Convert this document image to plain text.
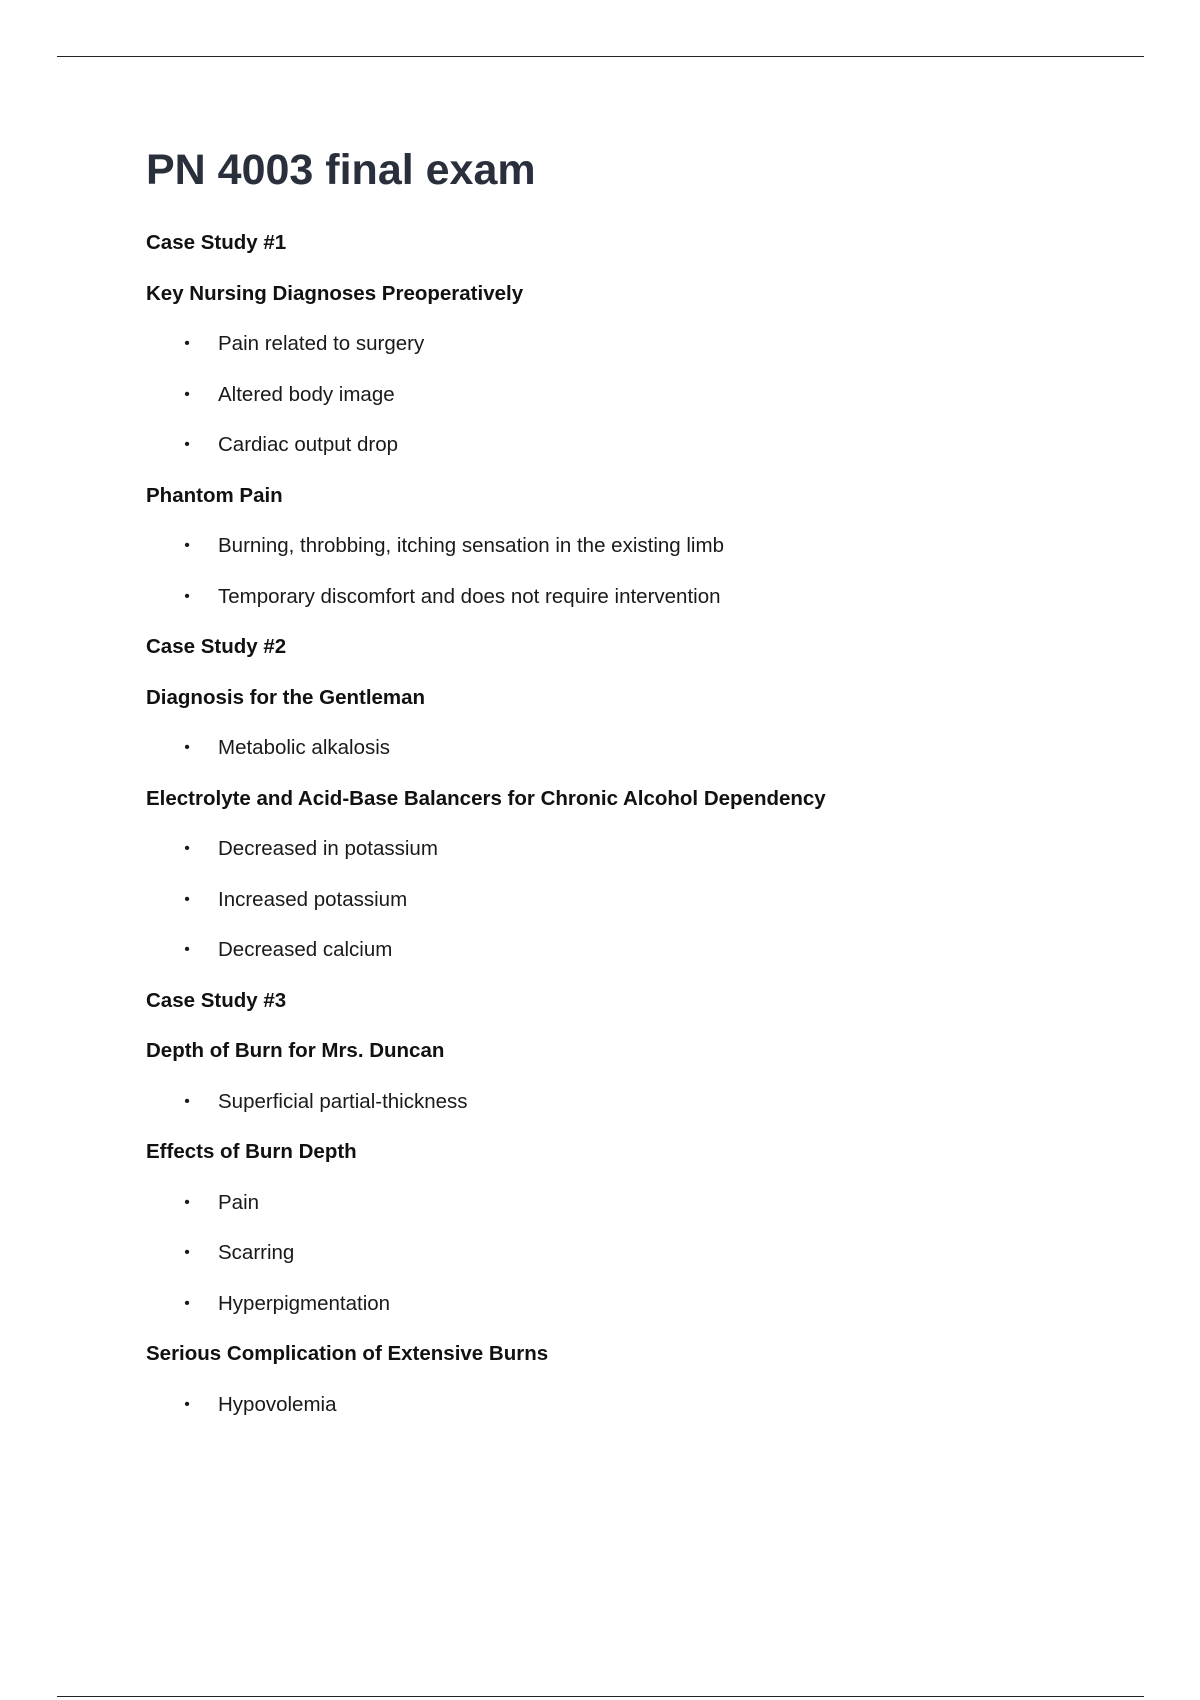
PN 4003 final exam
Case Study #1
Key Nursing Diagnoses Preoperatively
• Pain related to surgery
• Altered body image
• Cardiac output drop
Phantom Pain
• Burning, throbbing, itching sensation in the existing limb
• Temporary discomfort and does not require intervention
Case Study #2
Diagnosis for the Gentleman
• Metabolic alkalosis
Electrolyte and Acid-Base Balancers for Chronic Alcohol Dependency
• Decreased in potassium
• Increased potassium
• Decreased calcium
Case Study #3
Depth of Burn for Mrs. Duncan
• Superficial partial-thickness
Effects of Burn Depth
• Pain
• Scarring
• Hyperpigmentation
Serious Complication of Extensive Burns
• Hypovolemia
